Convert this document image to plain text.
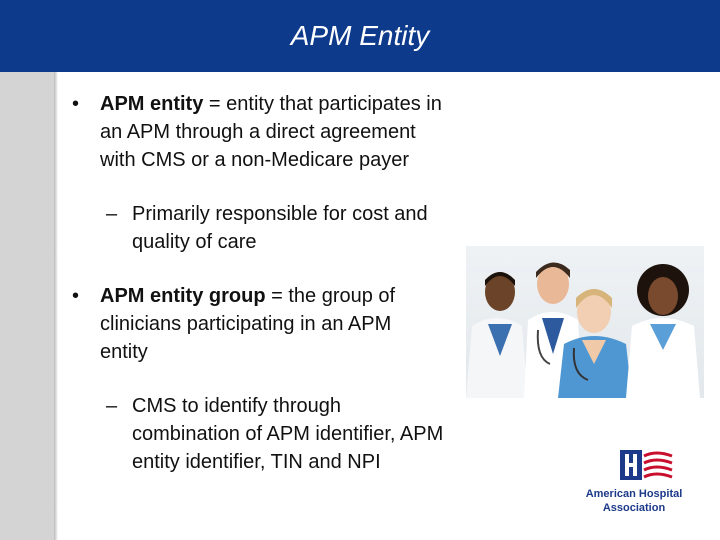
APM Entity
• APM entity = entity that participates in
an APM through a direct agreement
with CMS or a non-Medicare payer
– Primarily responsible for cost and
quality of care
• APM entity group = the group of
clinicians participating in an APM
entity
– CMS to identify through
combination of APM identifier, APM
entity identifier, TIN and NPI
American Hospital
Association
